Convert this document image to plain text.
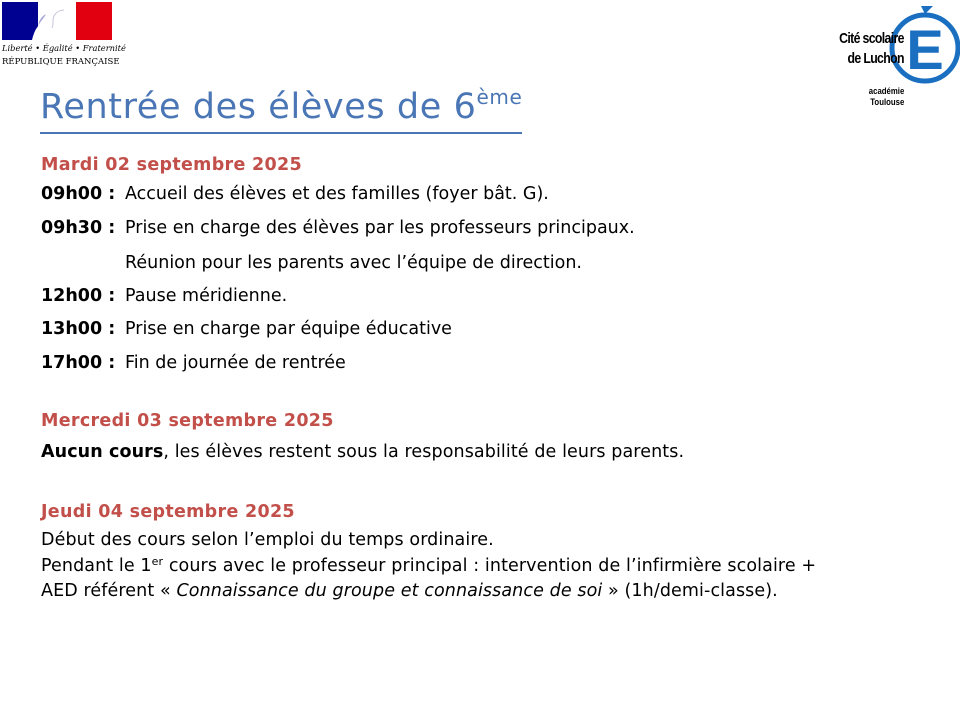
Liberté • Égalité • Fraternité
RÉPUBLIQUE FRANÇAISE	E
Cité scolaire
de Luchon
académie
Toulouse
Rentrée des élèves de 6ème
Mardi 02 septembre 2025
09h00 : Accueil des élèves et des familles (foyer bât. G).
09h30 : Prise en charge des élèves par les professeurs principaux.
Réunion pour les parents avec l’équipe de direction.
12h00 : Pause méridienne.
13h00 : Prise en charge par équipe éducative
17h00 : Fin de journée de rentrée
Mercredi 03 septembre 2025
Aucun cours, les élèves restent sous la responsabilité de leurs parents.
Jeudi 04 septembre 2025
Début des cours selon l’emploi du temps ordinaire.
Pendant le 1er cours avec le professeur principal : intervention de l’infirmière scolaire +
AED référent « Connaissance du groupe et connaissance de soi » (1h/demi-classe).
